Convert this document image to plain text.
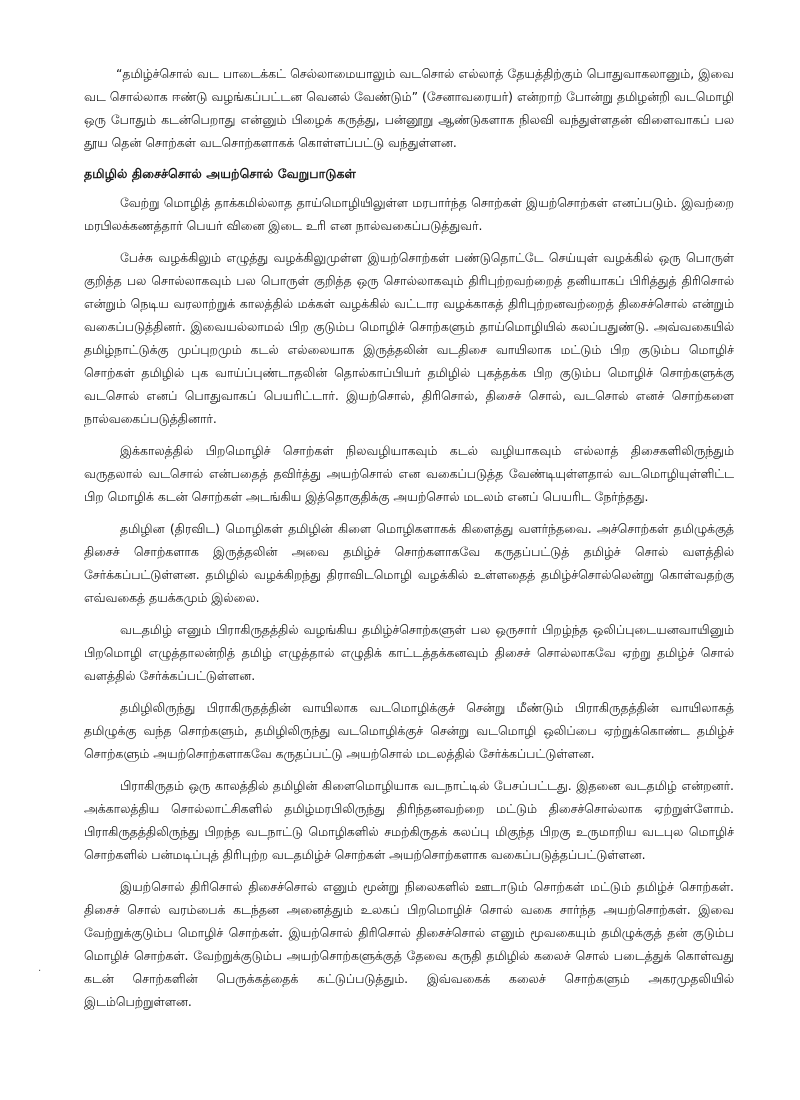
“தமிழ்ச்சொல் வட பாடைக்கட் செல்லாமையாலும் வடசொல் எல்லாத் தேயத்திற்கும் பொதுவாகலானும், இவை வட சொல்லாக ஈண்டு வழங்கப்பட்டன வெனல் வேண்டும்” (சேனாவரையர்) என்றாற் போன்று தமிழன்றி வடமொழி ஒரு போதும் கடன்பெறாது என்னும் பிழைக் கருத்து, பன்னூறு ஆண்டுகளாக நிலவி வந்துள்ளதன் விளைவாகப் பல தூய தென் சொற்கள் வடசொற்களாகக் கொள்ளப்பட்டு வந்துள்ளன.

தமிழில் திசைச்சொல் அயற்சொல் வேறுபாடுகள்

வேற்று மொழித் தாக்கமில்லாத தாய்மொழியிலுள்ள மரபார்ந்த சொற்கள் இயற்சொற்கள் எனப்படும். இவற்றை மரபிலக்கணத்தார் பெயர் வினை இடை உரி என நால்வகைப்படுத்துவர்.

பேச்சு வழக்கிலும் எழுத்து வழக்கிலுமுள்ள இயற்சொற்கள் பண்டுதொட்டே செய்யுள் வழக்கில் ஒரு பொருள் குறித்த பல சொல்லாகவும் பல பொருள் குறித்த ஒரு சொல்லாகவும் திரிபுற்றவற்றைத் தனியாகப் பிரித்துத் திரிசொல் என்றும் நெடிய வரலாற்றுக் காலத்தில் மக்கள் வழக்கில் வட்டார வழக்காகத் திரிபுற்றனவற்றைத் திசைச்சொல் என்றும் வகைப்படுத்தினர். இவையல்லாமல் பிற குடும்ப மொழிச் சொற்களும் தாய்மொழியில் கலப்பதுண்டு. அவ்வகையில் தமிழ்நாட்டுக்கு முப்புறமும் கடல் எல்லையாக இருத்தலின் வடதிசை வாயிலாக மட்டும் பிற குடும்ப மொழிச் சொற்கள் தமிழில் புக வாய்ப்புண்டாதலின் தொல்காப்பியர் தமிழில் புகத்தக்க பிற குடும்ப மொழிச் சொற்களுக்கு வடசொல் எனப் பொதுவாகப் பெயரிட்டார். இயற்சொல், திரிசொல், திசைச் சொல், வடசொல் எனச் சொற்களை நால்வகைப்படுத்தினார்.

இக்காலத்தில் பிறமொழிச் சொற்கள் நிலவழியாகவும் கடல் வழியாகவும் எல்லாத் திசைகளிலிருந்தும் வருதலால் வடசொல் என்பதைத் தவிர்த்து அயற்சொல் என வகைப்படுத்த வேண்டியுள்ளதால் வடமொழியுள்ளிட்ட பிற மொழிக் கடன் சொற்கள் அடங்கிய இத்தொகுதிக்கு அயற்சொல் மடலம் எனப் பெயரிட நேர்ந்தது.

தமிழின (திரவிட) மொழிகள் தமிழின் கிளை மொழிகளாகக் கிளைத்து வளர்ந்தவை. அச்சொற்கள் தமிழுக்குத் திசைச் சொற்களாக இருத்தலின் அவை தமிழ்ச் சொற்களாகவே கருதப்பட்டுத் தமிழ்ச் சொல் வளத்தில் சேர்க்கப்பட்டுள்ளன. தமிழில் வழக்கிறந்து திராவிடமொழி வழக்கில் உள்ளதைத் தமிழ்ச்சொல்லென்று கொள்வதற்கு எவ்வகைத் தயக்கமும் இல்லை.

வடதமிழ் எனும் பிராகிருதத்தில் வழங்கிய தமிழ்ச்சொற்களுள் பல ஒருசார் பிறழ்ந்த ஒலிப்புடையனவாயினும் பிறமொழி எழுத்தாலன்றித் தமிழ் எழுத்தால் எழுதிக் காட்டத்தக்கனவும் திசைச் சொல்லாகவே ஏற்று தமிழ்ச் சொல் வளத்தில் சேர்க்கப்பட்டுள்ளன.

தமிழிலிருந்து பிராகிருதத்தின் வாயிலாக வடமொழிக்குச் சென்று மீண்டும் பிராகிருதத்தின் வாயிலாகத் தமிழுக்கு வந்த சொற்களும், தமிழிலிருந்து வடமொழிக்குச் சென்று வடமொழி ஒலிப்பை ஏற்றுக்கொண்ட தமிழ்ச் சொற்களும் அயற்சொற்களாகவே கருதப்பட்டு அயற்சொல் மடலத்தில் சேர்க்கப்பட்டுள்ளன.

பிராகிருதம் ஒரு காலத்தில் தமிழின் கிளைமொழியாக வடநாட்டில் பேசப்பட்டது. இதனை வடதமிழ் என்றனர். அக்காலத்திய சொல்லாட்சிகளில் தமிழ்மரபிலிருந்து திரிந்தனவற்றை மட்டும் திசைச்சொல்லாக ஏற்றுள்ளோம். பிராகிருதத்திலிருந்து பிறந்த வடநாட்டு மொழிகளில் சமற்கிருதக் கலப்பு மிகுந்த பிறகு உருமாறிய வடபுல மொழிச் சொற்களில் பன்மடிப்புத் திரிபுற்ற வடதமிழ்ச் சொற்கள் அயற்சொற்களாக வகைப்படுத்தப்பட்டுள்ளன.

இயற்சொல் திரிசொல் திசைச்சொல் எனும் மூன்று நிலைகளில் ஊடாடும் சொற்கள் மட்டும் தமிழ்ச் சொற்கள். திசைச் சொல் வரம்பைக் கடந்தன அனைத்தும் உலகப் பிறமொழிச் சொல் வகை சார்ந்த அயற்சொற்கள். இவை வேற்றுக்குடும்ப மொழிச் சொற்கள். இயற்சொல் திரிசொல் திசைச்சொல் எனும் மூவகையும் தமிழுக்குத் தன் குடும்ப மொழிச் சொற்கள். வேற்றுக்குடும்ப அயற்சொற்களுக்குத் தேவை கருதி தமிழில் கலைச் சொல் படைத்துக் கொள்வது கடன் சொற்களின் பெருக்கத்தைக் கட்டுப்படுத்தும். இவ்வகைக் கலைச் சொற்களும் அகரமுதலியில் இடம்பெற்றுள்ளன.

·
